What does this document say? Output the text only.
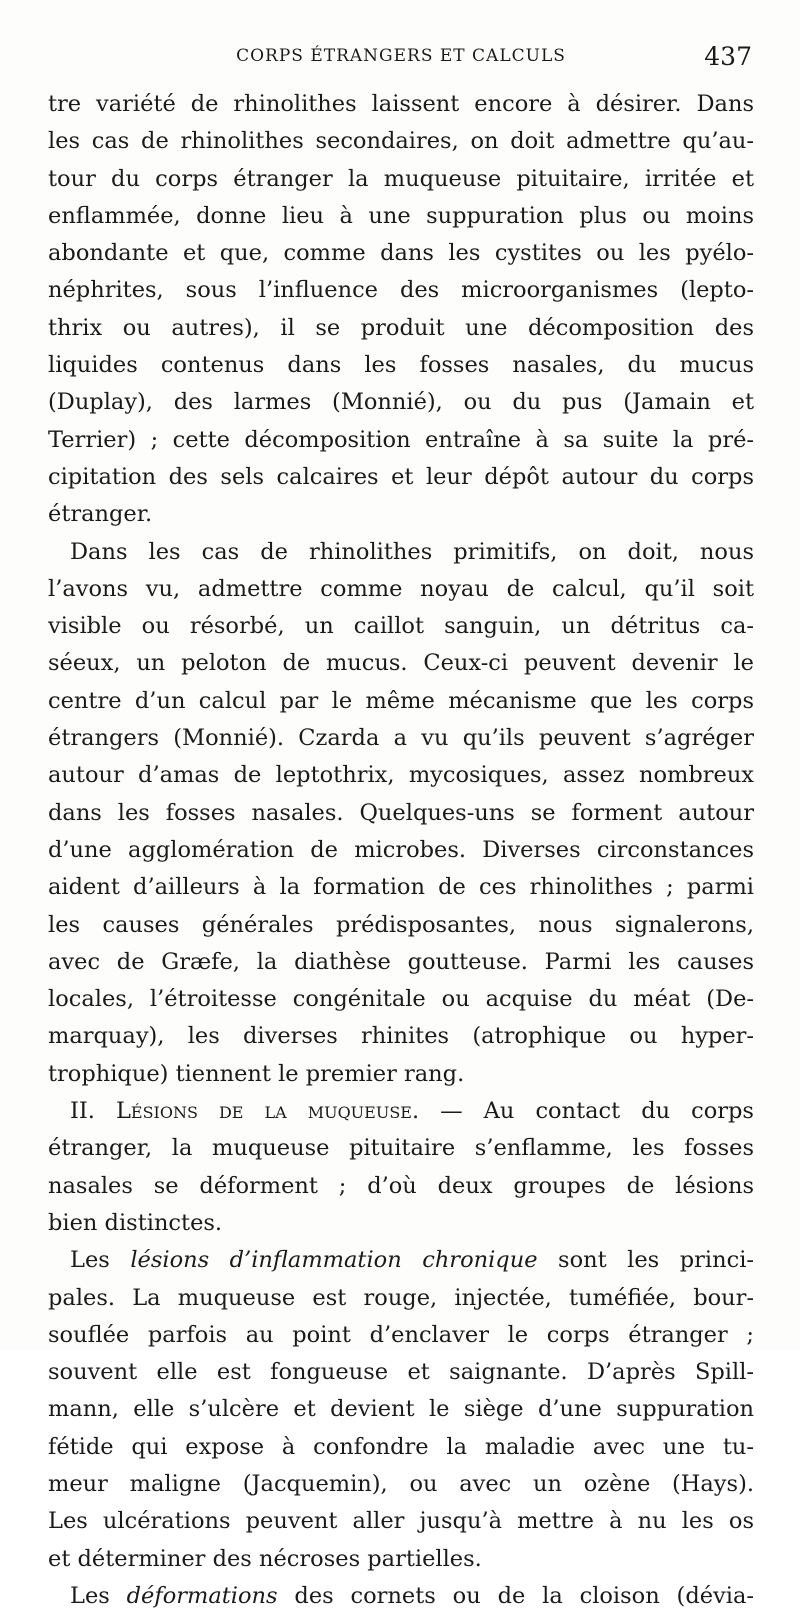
CORPS ÉTRANGERS ET CALCULS	437
tre variété de rhinolithes laissent encore à désirer. Dans
les cas de rhinolithes secondaires, on doit admettre qu’au-
tour du corps étranger la muqueuse pituitaire, irritée et
enflammée, donne lieu à une suppuration plus ou moins
abondante et que, comme dans les cystites ou les pyélo-
néphrites, sous l’influence des microorganismes (lepto-
thrix ou autres), il se produit une décomposition des
liquides contenus dans les fosses nasales, du mucus
(Duplay), des larmes (Monnié), ou du pus (Jamain et
Terrier) ; cette décomposition entraîne à sa suite la pré-
cipitation des sels calcaires et leur dépôt autour du corps
étranger.
Dans les cas de rhinolithes primitifs, on doit, nous
l’avons vu, admettre comme noyau de calcul, qu’il soit
visible ou résorbé, un caillot sanguin, un détritus ca-
séeux, un peloton de mucus. Ceux-ci peuvent devenir le
centre d’un calcul par le même mécanisme que les corps
étrangers (Monnié). Czarda a vu qu’ils peuvent s’agréger
autour d’amas de leptothrix, mycosiques, assez nombreux
dans les fosses nasales. Quelques-uns se forment autour
d’une agglomération de microbes. Diverses circonstances
aident d’ailleurs à la formation de ces rhinolithes ; parmi
les causes générales prédisposantes, nous signalerons,
avec de Græfe, la diathèse goutteuse. Parmi les causes
locales, l’étroitesse congénitale ou acquise du méat (De-
marquay), les diverses rhinites (atrophique ou hyper-
trophique) tiennent le premier rang.
II. Lésions de la muqueuse. — Au contact du corps
étranger, la muqueuse pituitaire s’enflamme, les fosses
nasales se déforment ; d’où deux groupes de lésions
bien distinctes.
Les lésions d’inflammation chronique sont les princi-
pales. La muqueuse est rouge, injectée, tuméfiée, bour-
souflée parfois au point d’enclaver le corps étranger ;
souvent elle est fongueuse et saignante. D’après Spill-
mann, elle s’ulcère et devient le siège d’une suppuration
fétide qui expose à confondre la maladie avec une tu-
meur maligne (Jacquemin), ou avec un ozène (Hays).
Les ulcérations peuvent aller jusqu’à mettre à nu les os
et déterminer des nécroses partielles.
Les déformations des cornets ou de la cloison (dévia-
